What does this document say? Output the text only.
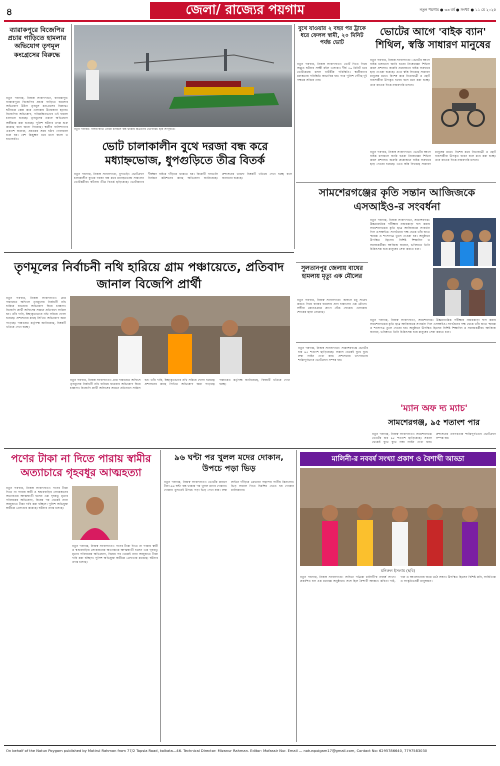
৪	জেলা/ রাজ্যের পয়গাম	নতুন পয়গাম ● ৩৩ বর্ষ ● সংখ্যা ● ১১ মে ২০২৫
ব্যারাকপুরে বিজেপির প্রচার গাড়িতে হামলার অভিযোগ তৃণমূল কংগ্রেসের বিরুদ্ধে
নতুন পয়গাম, নিজস্ব সংবাদদাতা, ব্যারাকপুর: ব্যারাকপুরে বিজেপির প্রচার গাড়িতে হামলার অভিযোগ উঠল তৃণমূল কংগ্রেসের বিরুদ্ধে। ঘটনাকে কেন্দ্র করে এলাকায় উত্তেজনা ছড়ায়। বিজেপির অভিযোগ, পরিকল্পিতভাবে এই হামলা চালানো হয়েছে। তৃণমূলের তরফে অভিযোগ অস্বীকার করা হয়েছে। পুলিশ ঘটনার তদন্ত শুরু করেছে বলে জানা গিয়েছে। স্থানীয় বাসিন্দাদের একাংশ জানান, প্রচারের সময় হঠাৎ গোলমাল শুরু হয়। বেশ কিছুক্ষণ ধরে চলে বচসা ও হাতাহাতি।
নতুন পয়গাম: গঙ্গার ঘাটে নৌকা চলাচল বন্ধ থাকায় যাত্রীদের ভোগান্তি। ছবি সংগৃহীত।
ভোট চালাকালীন বুথে দরজা বন্ধ করে মধ্যাহ্নভোজ, ধুপগুড়িতে তীব্র বিতর্ক
নতুন পয়গাম, নিজস্ব সংবাদদাতা, ধুপগুড়ি: ভোটগ্রহণ চলাকালীন বুথের দরজা বন্ধ করে মধ্যাহ্নভোজ সারলেন ভোটকর্মীরা। ঘটনায় তীব্র বিতর্ক ছড়িয়েছে। ভোটারদের দীর্ঘক্ষণ বাইরে দাঁড়িয়ে থাকতে হয়। বিরোধী দলগুলি নির্বাচন কমিশনের কাছে অভিযোগ জানিয়েছে। প্রশাসনের তরফে বিষয়টি খতিয়ে দেখা হচ্ছে বলে জানানো হয়েছে।
বুথে যাওয়ার ২ বছর পর ট্রাকে ধরে ফেলল স্বামী, ২০ মিনিট পর্যন্ত ভোট
নতুন পয়গাম, নিজস্ব সংবাদদাতা: ভোট দিতে গিয়ে অদ্ভুত ঘটনার সাক্ষী রইল এলাকা। দীর্ঘ ২০ মিনিট ধরে ভোটকেন্দ্রে চলল নাটকীয় পরিস্থিতি। স্থানীয়দের মধ্যস্থতায় পরিস্থিতি স্বাভাবিক হয়। পরে পুলিশ পৌঁছে দুই পক্ষকে সরিয়ে দেয়।
ভোটের আগে 'বাইক ব্যান' শিথিল, স্বস্তি সাধারণ মানুষের
নতুন পয়গাম, নিজস্ব সংবাদদাতা: ভোটের আগে বাইক চলাচলে জারি হওয়া নিষেধাজ্ঞা শিথিল করল প্রশাসন। জরুরি প্রয়োজনে বাইক ব্যবহারে ছাড় দেওয়া হয়েছে। এতে স্বস্তি ফিরেছে সাধারণ মানুষের মধ্যে। বিশেষ করে নিত্যযাত্রী ও ছোট ব্যবসায়ীরা উপকৃত হবেন বলে মনে করা হচ্ছে। তবে রাতের দিকে নজরদারি চলবে।
নতুন পয়গাম, নিজস্ব সংবাদদাতা: ভোটের আগে বাইক চলাচলে জারি হওয়া নিষেধাজ্ঞা শিথিল করল প্রশাসন। জরুরি প্রয়োজনে বাইক ব্যবহারে ছাড় দেওয়া হয়েছে। এতে স্বস্তি ফিরেছে সাধারণ মানুষের মধ্যে। বিশেষ করে নিত্যযাত্রী ও ছোট ব্যবসায়ীরা উপকৃত হবেন বলে মনে করা হচ্ছে। তবে রাতের দিকে নজরদারি চলবে।
সামশেরগঞ্জের কৃতি সন্তান আজিজকে এসআইও-র সংবর্ধনা
নতুন পয়গাম, নিজস্ব সংবাদদাতা, সামশেরগঞ্জ: উচ্চমাধ্যমিক পরীক্ষায় নজরকাড়া ফল করায় সামশেরগঞ্জের কৃতি ছাত্র আজিজকে সংবর্ধনা দিল এসআইও। সংগঠনের পক্ষ থেকে তাঁর হাতে স্মারক ও শংসাপত্র তুলে দেওয়া হয়। অনুষ্ঠানে উপস্থিত ছিলেন বিশিষ্ট শিক্ষাবিদ ও সমাজকর্মীরা। আজিজ জানান, ভবিষ্যতে তিনি চিকিৎসক হয়ে মানুষের সেবা করতে চান।
নতুন পয়গাম, নিজস্ব সংবাদদাতা, সামশেরগঞ্জ: উচ্চমাধ্যমিক পরীক্ষায় নজরকাড়া ফল করায় সামশেরগঞ্জের কৃতি ছাত্র আজিজকে সংবর্ধনা দিল এসআইও। সংগঠনের পক্ষ থেকে তাঁর হাতে স্মারক ও শংসাপত্র তুলে দেওয়া হয়। অনুষ্ঠানে উপস্থিত ছিলেন বিশিষ্ট শিক্ষাবিদ ও সমাজকর্মীরা। আজিজ জানান, ভবিষ্যতে তিনি চিকিৎসক হয়ে মানুষের সেবা করতে চান।
সুলতানপুর জেলায় বাঘের হামলায় মৃত্যু এক মৌলের
নতুন পয়গাম, নিজস্ব সংবাদদাতা: জঙ্গলে মধু সংগ্রহ করতে গিয়ে বাঘের হামলায় প্রাণ হারালেন এক মৌলে। সঙ্গীরা কোনওক্রমে প্রাণে বেঁচে ফেরেন। এলাকায় শোকের ছায়া নেমেছে।
তৃণমূলের নির্বাচনী নথি হারিয়ে গ্রাম পঞ্চায়েতে, প্রতিবাদ জানাল বিজেপি প্রার্থী
নতুন পয়গাম, নিজস্ব সংবাদদাতা: গ্রাম পঞ্চায়েত অফিসে তৃণমূলের নির্বাচনী নথি হারিয়ে যাওয়ার অভিযোগ ঘিরে চাঞ্চল্য। বিজেপি প্রার্থী অফিসের সামনে প্রতিবাদে সামিল হন। তাঁর দাবি, ইচ্ছাকৃতভাবে নথি সরিয়ে ফেলা হয়েছে। প্রশাসনের কাছে লিখিত অভিযোগ জমা পড়েছে। পঞ্চায়েত কর্তৃপক্ষ জানিয়েছে, বিষয়টি খতিয়ে দেখা হচ্ছে।
নতুন পয়গাম, নিজস্ব সংবাদদাতা: গ্রাম পঞ্চায়েত অফিসে তৃণমূলের নির্বাচনী নথি হারিয়ে যাওয়ার অভিযোগ ঘিরে চাঞ্চল্য। বিজেপি প্রার্থী অফিসের সামনে প্রতিবাদে সামিল হন। তাঁর দাবি, ইচ্ছাকৃতভাবে নথি সরিয়ে ফেলা হয়েছে। প্রশাসনের কাছে লিখিত অভিযোগ জমা পড়েছে। পঞ্চায়েত কর্তৃপক্ষ জানিয়েছে, বিষয়টি খতিয়ে দেখা হচ্ছে।
নতুন পয়গাম, নিজস্ব সংবাদদাতা: সামশেরগঞ্জে ভোটের হার ৯৫ শতাংশ ছাড়িয়েছে। সকাল থেকেই বুথে বুথে লম্বা লাইন দেখা যায়। প্রশাসনের তৎপরতায় শান্তিপূর্ণভাবে ভোটগ্রহণ সম্পন্ন হয়।
'ম্যান অফ দ্য ম্যাচ'
সামশেরগঞ্জ, ৯৫ শতাংশ পার
নতুন পয়গাম, নিজস্ব সংবাদদাতা: সামশেরগঞ্জে ভোটের হার ৯৫ শতাংশ ছাড়িয়েছে। সকাল থেকেই বুথে বুথে লম্বা লাইন দেখা যায়। প্রশাসনের তৎপরতায় শান্তিপূর্ণভাবে ভোটগ্রহণ সম্পন্ন হয়।
পণের টাকা না দিতে পারায় স্বামীর অত্যাচারে গৃহবধূর আত্মহত্যা
নতুন পয়গাম, নিজস্ব সংবাদদাতা: পণের টাকা দিতে না পারায় স্বামী ও শ্বশুরবাড়ির লোকজনের অত্যাচারে আত্মঘাতী হলেন এক গৃহবধূ। মৃতার পরিবারের অভিযোগ, বিয়ের পর থেকেই নানা অজুহাতে টাকা দাবি করা হচ্ছিল। পুলিশ অভিযুক্ত স্বামীকে গ্রেফতার করেছে। ঘটনার তদন্ত চলছে।
নতুন পয়গাম, নিজস্ব সংবাদদাতা: পণের টাকা দিতে না পারায় স্বামী ও শ্বশুরবাড়ির লোকজনের অত্যাচারে আত্মঘাতী হলেন এক গৃহবধূ। মৃতার পরিবারের অভিযোগ, বিয়ের পর থেকেই নানা অজুহাতে টাকা দাবি করা হচ্ছিল। পুলিশ অভিযুক্ত স্বামীকে গ্রেফতার করেছে। ঘটনার তদন্ত চলছে।
৯৬ ঘন্টা পর খুলল মদের দোকান, উপচে পড়া ভিড়
নতুন পয়গাম, নিজস্ব সংবাদদাতা: ভোটের কারণে টানা ৯৬ ঘন্টা বন্ধ থাকার পর খুলল মদের দোকান। দোকান খুলতেই উপচে পড়া ভিড় দেখা যায়। লম্বা লাইনে দাঁড়িয়ে ক্রেতারা পছন্দের পানীয় কিনলেন। ভিড় সামাল দিতে হিমশিম খেতে হয় দোকান মালিকদের।
মালিনী-র নববর্ষ সংখ্যা প্রকাশ ও বৈশাখী আড্ডা
মনিরুল ইসলাম (ছবি)
নতুন পয়গাম, নিজস্ব সংবাদদাতা: সাহিত্য পত্রিকা মালিনী-র নববর্ষ সংখ্যা প্রকাশিত হল এক মনোজ্ঞ অনুষ্ঠানে। সঙ্গে ছিল বৈশাখী আড্ডা। কবিতা পাঠ, গান ও আলোচনায় জমে ওঠে সন্ধ্যা। উপস্থিত ছিলেন বিশিষ্ট কবি, সাহিত্যিক ও সংস্কৃতিপ্রেমী মানুষজন।
On behalf of the Notun Poygam published by Motirul Rahman from 77/2 Topsia Road, kolkata—46. Technical Director: Mizanur Rahman. Editor: Mofassir Nur. Email — notunpoigam17@gmail.com, Contact No: 6295786640, 7797583030
